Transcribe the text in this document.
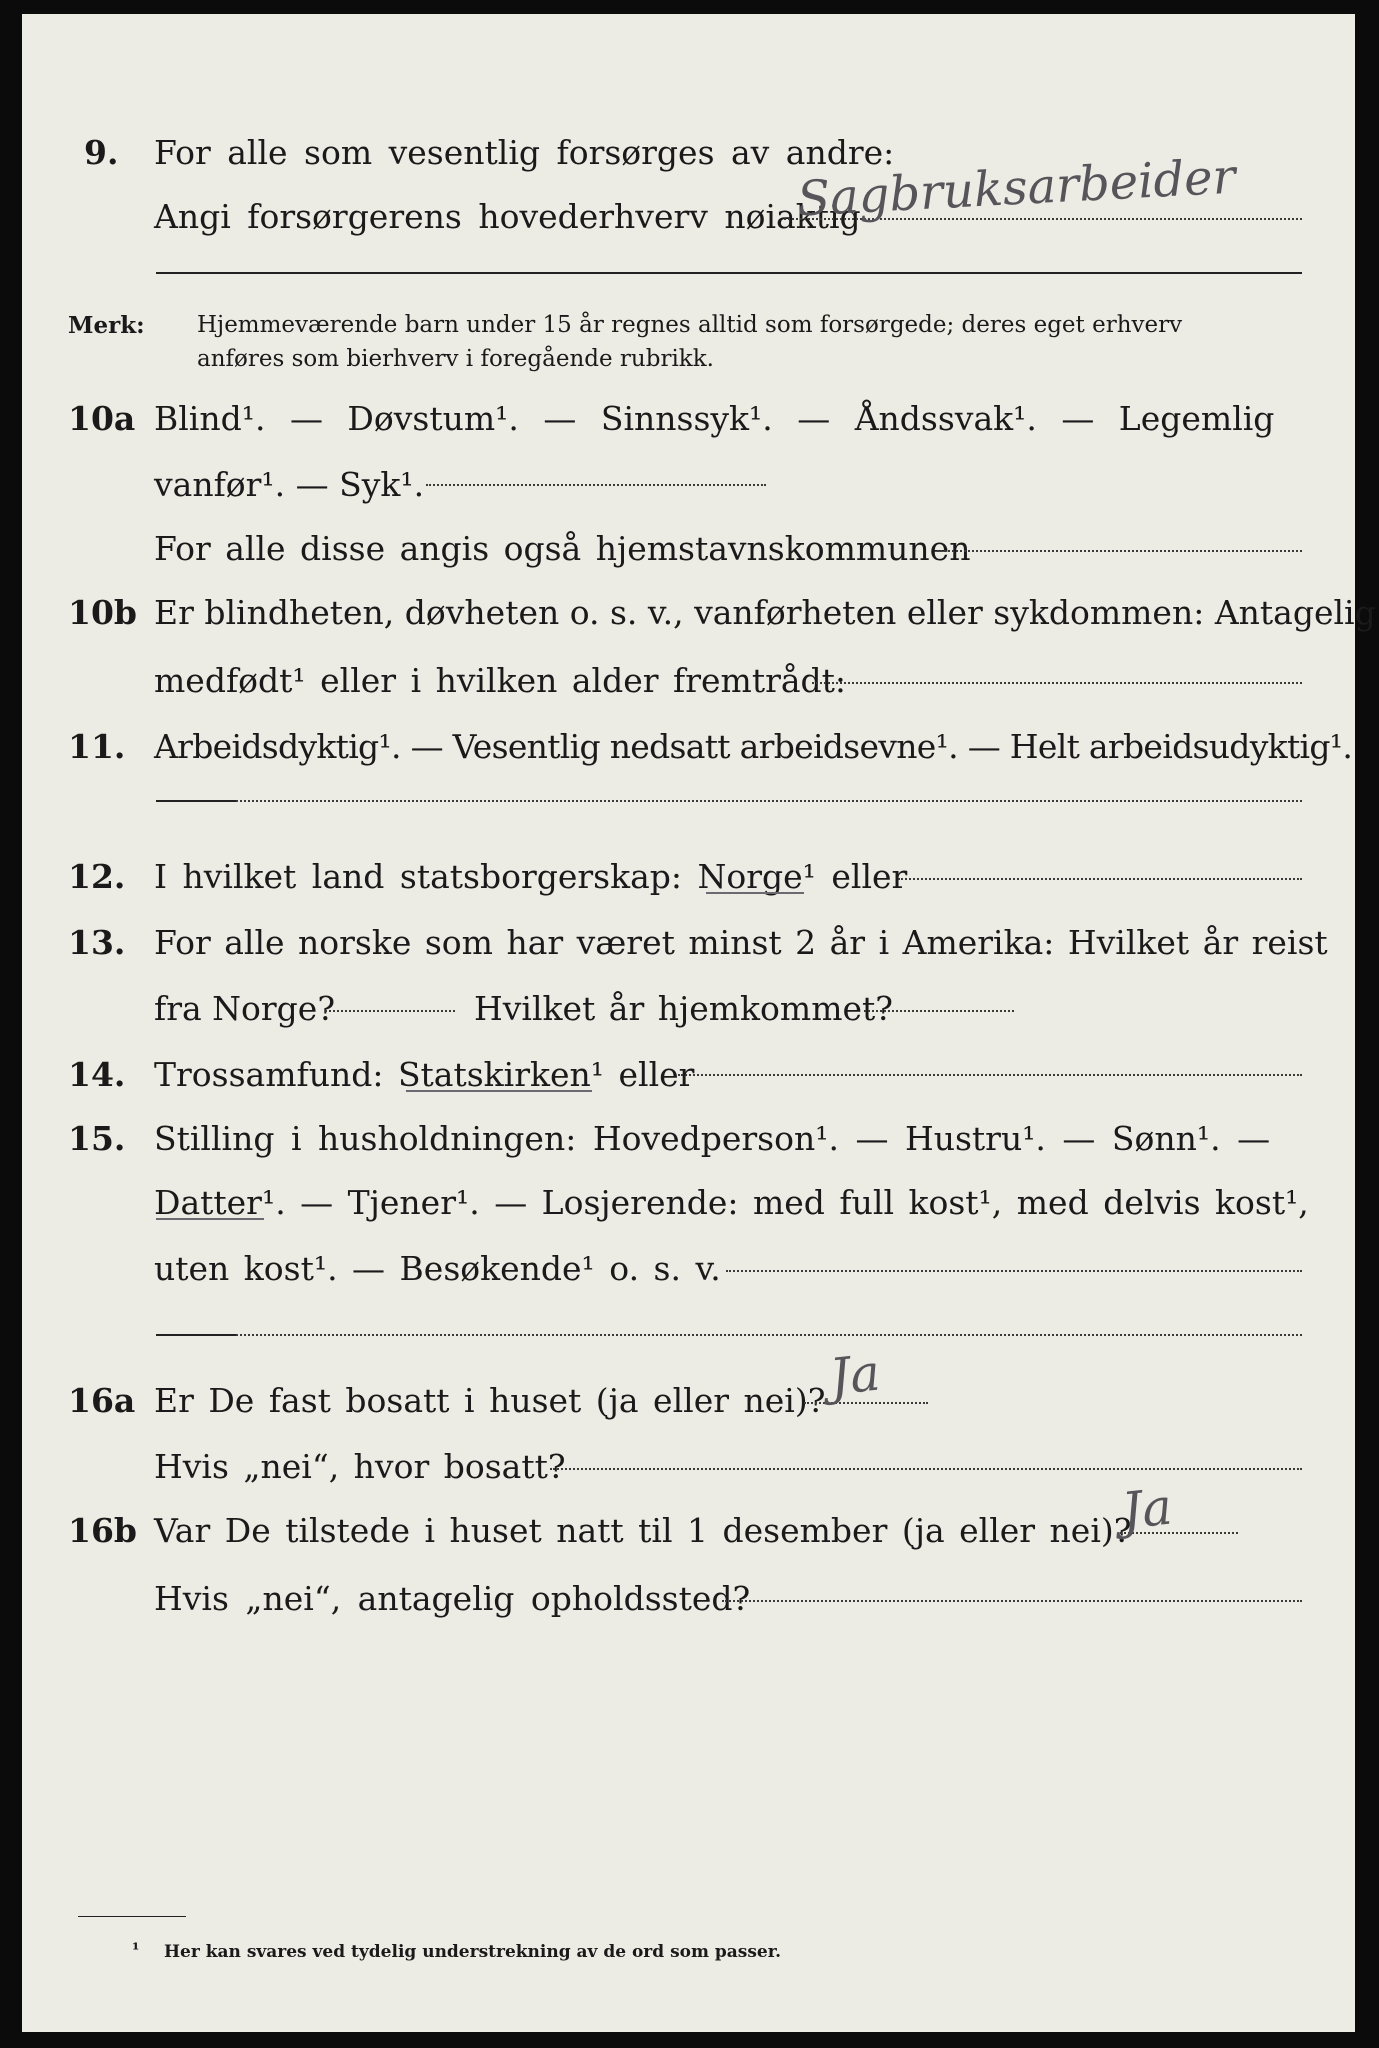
9. For alle som vesentlig forsørges av andre:
Angi forsørgerens hovederhverv nøiaktig
Sagbruksarbeider
Merk: Hjemmeværende barn under 15 år regnes alltid som forsørgede; deres eget erhverv
anføres som bierhverv i foregående rubrikk.
10a Blind¹. — Døvstum¹. — Sinnssyk¹. — Åndssvak¹. — Legemlig
vanfør¹. — Syk¹.
For alle disse angis også hjemstavnskommunen
10b Er blindheten, døvheten o. s. v., vanførheten eller sykdommen: Antagelig
medfødt¹ eller i hvilken alder fremtrådt:
11. Arbeidsdyktig¹. — Vesentlig nedsatt arbeidsevne¹. — Helt arbeidsudyktig¹.
12. I hvilket land statsborgerskap: Norge¹ eller
13. For alle norske som har været minst 2 år i Amerika: Hvilket år reist
fra Norge?	Hvilket år hjemkommet?
14. Trossamfund: Statskirken¹ eller
15. Stilling i husholdningen: Hovedperson¹. — Hustru¹. — Sønn¹. —
Datter¹. — Tjener¹. — Losjerende: med full kost¹, med delvis kost¹,
uten kost¹. — Besøkende¹ o. s. v.
16a Er De fast bosatt i huset (ja eller nei)? Ja
Hvis „nei“, hvor bosatt?
16b Var De tilstede i huset natt til 1 desember (ja eller nei)?
Ja
Hvis „nei“, antagelig opholdssted?
¹ Her kan svares ved tydelig understrekning av de ord som passer.
